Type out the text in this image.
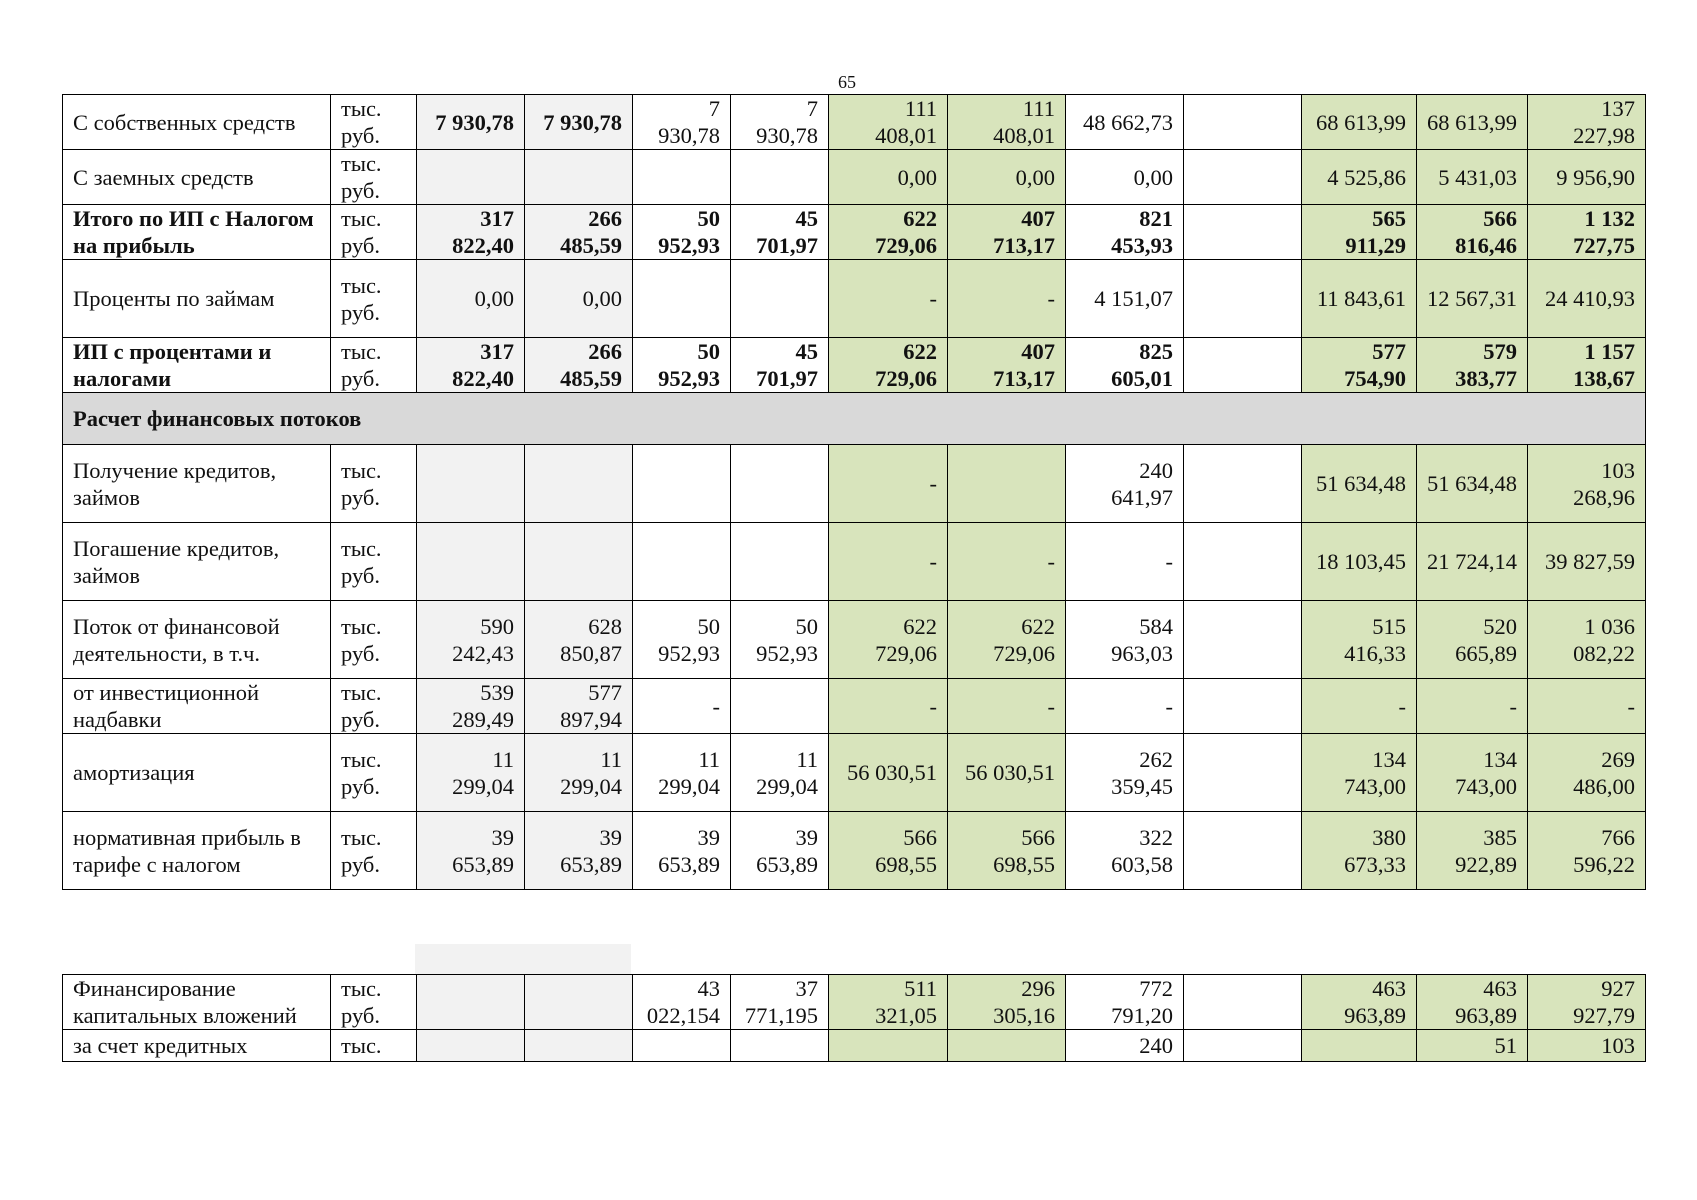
65
С собственных средств	тыс. руб.	7 930,78	7 930,78	7 930,78	7 930,78	111 408,01	111 408,01	48 662,73		68 613,99	68 613,99	137 227,98
С заемных средств	тыс. руб.					0,00	0,00	0,00		4 525,86	5 431,03	9 956,90
Итого по ИП с Налогом на прибыль	тыс. руб.	317 822,40	266 485,59	50 952,93	45 701,97	622 729,06	407 713,17	821 453,93		565 911,29	566 816,46	1 132 727,75
Проценты по займам	тыс. руб.	0,00	0,00			-	-	4 151,07		11 843,61	12 567,31	24 410,93
ИП с процентами и налогами	тыс. руб.	317 822,40	266 485,59	50 952,93	45 701,97	622 729,06	407 713,17	825 605,01		577 754,90	579 383,77	1 157 138,67
Расчет финансовых потоков												
Получение кредитов, займов	тыс. руб.					-		240 641,97		51 634,48	51 634,48	103 268,96
Погашение кредитов, займов	тыс. руб.					-	-	-		18 103,45	21 724,14	39 827,59
Поток от финансовой деятельности, в т.ч.	тыс. руб.	590 242,43	628 850,87	50 952,93	50 952,93	622 729,06	622 729,06	584 963,03		515 416,33	520 665,89	1 036 082,22
от инвестиционной надбавки	тыс. руб.	539 289,49	577 897,94	-		-	-	-		-	-	-
амортизация	тыс. руб.	11 299,04	11 299,04	11 299,04	11 299,04	56 030,51	56 030,51	262 359,45		134 743,00	134 743,00	269 486,00
нормативная прибыль в тарифе с налогом	тыс. руб.	39 653,89	39 653,89	39 653,89	39 653,89	566 698,55	566 698,55	322 603,58		380 673,33	385 922,89	766 596,22
Финансирование капитальных вложений	тыс. руб.			43 022,154	37 771,195	511 321,05	296 305,16	772 791,20		463 963,89	463 963,89	927 927,79
за счет кредитных	тыс.							240			51	103
